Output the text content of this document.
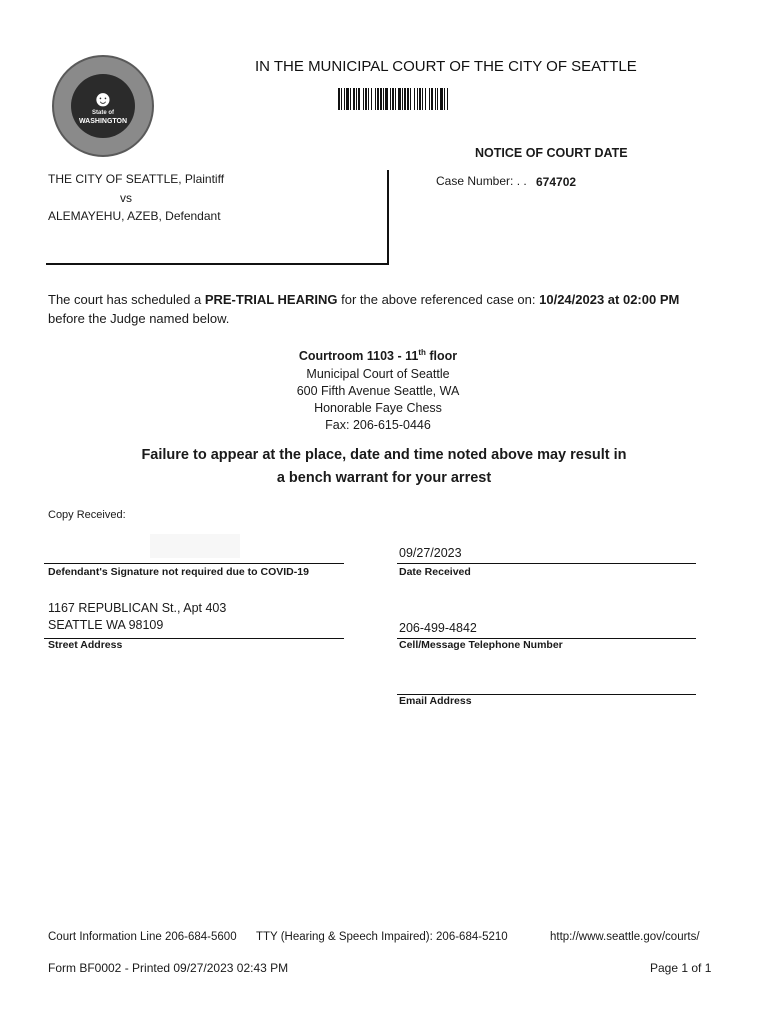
☻
State of
WASHINGTON
IN THE MUNICIPAL COURT OF THE CITY OF SEATTLE
NOTICE OF COURT DATE
Case Number: . . 674702
THE CITY OF SEATTLE, Plaintiff
vs
ALEMAYEHU, AZEB, Defendant
The court has scheduled a PRE-TRIAL HEARING for the above referenced case on: 10/24/2023 at 02:00 PM
before the Judge named below.
Courtroom 1103 - 11th floor
Municipal Court of Seattle
600 Fifth Avenue Seattle, WA
Honorable Faye Chess
Fax: 206-615-0446
Failure to appear at the place, date and time noted above may result in
a bench warrant for your arrest
Copy Received:
Defendant's Signature not required due to COVID-19
09/27/2023
Date Received
1167 REPUBLICAN St., Apt 403
SEATTLE WA 98109
Street Address
206-499-4842
Cell/Message Telephone Number
Email Address
Court Information Line 206-684-5600 TTY (Hearing & Speech Impaired): 206-684-5210	http://www.seattle.gov/courts/
Form BF0002 - Printed 09/27/2023 02:43 PM	Page 1 of 1
